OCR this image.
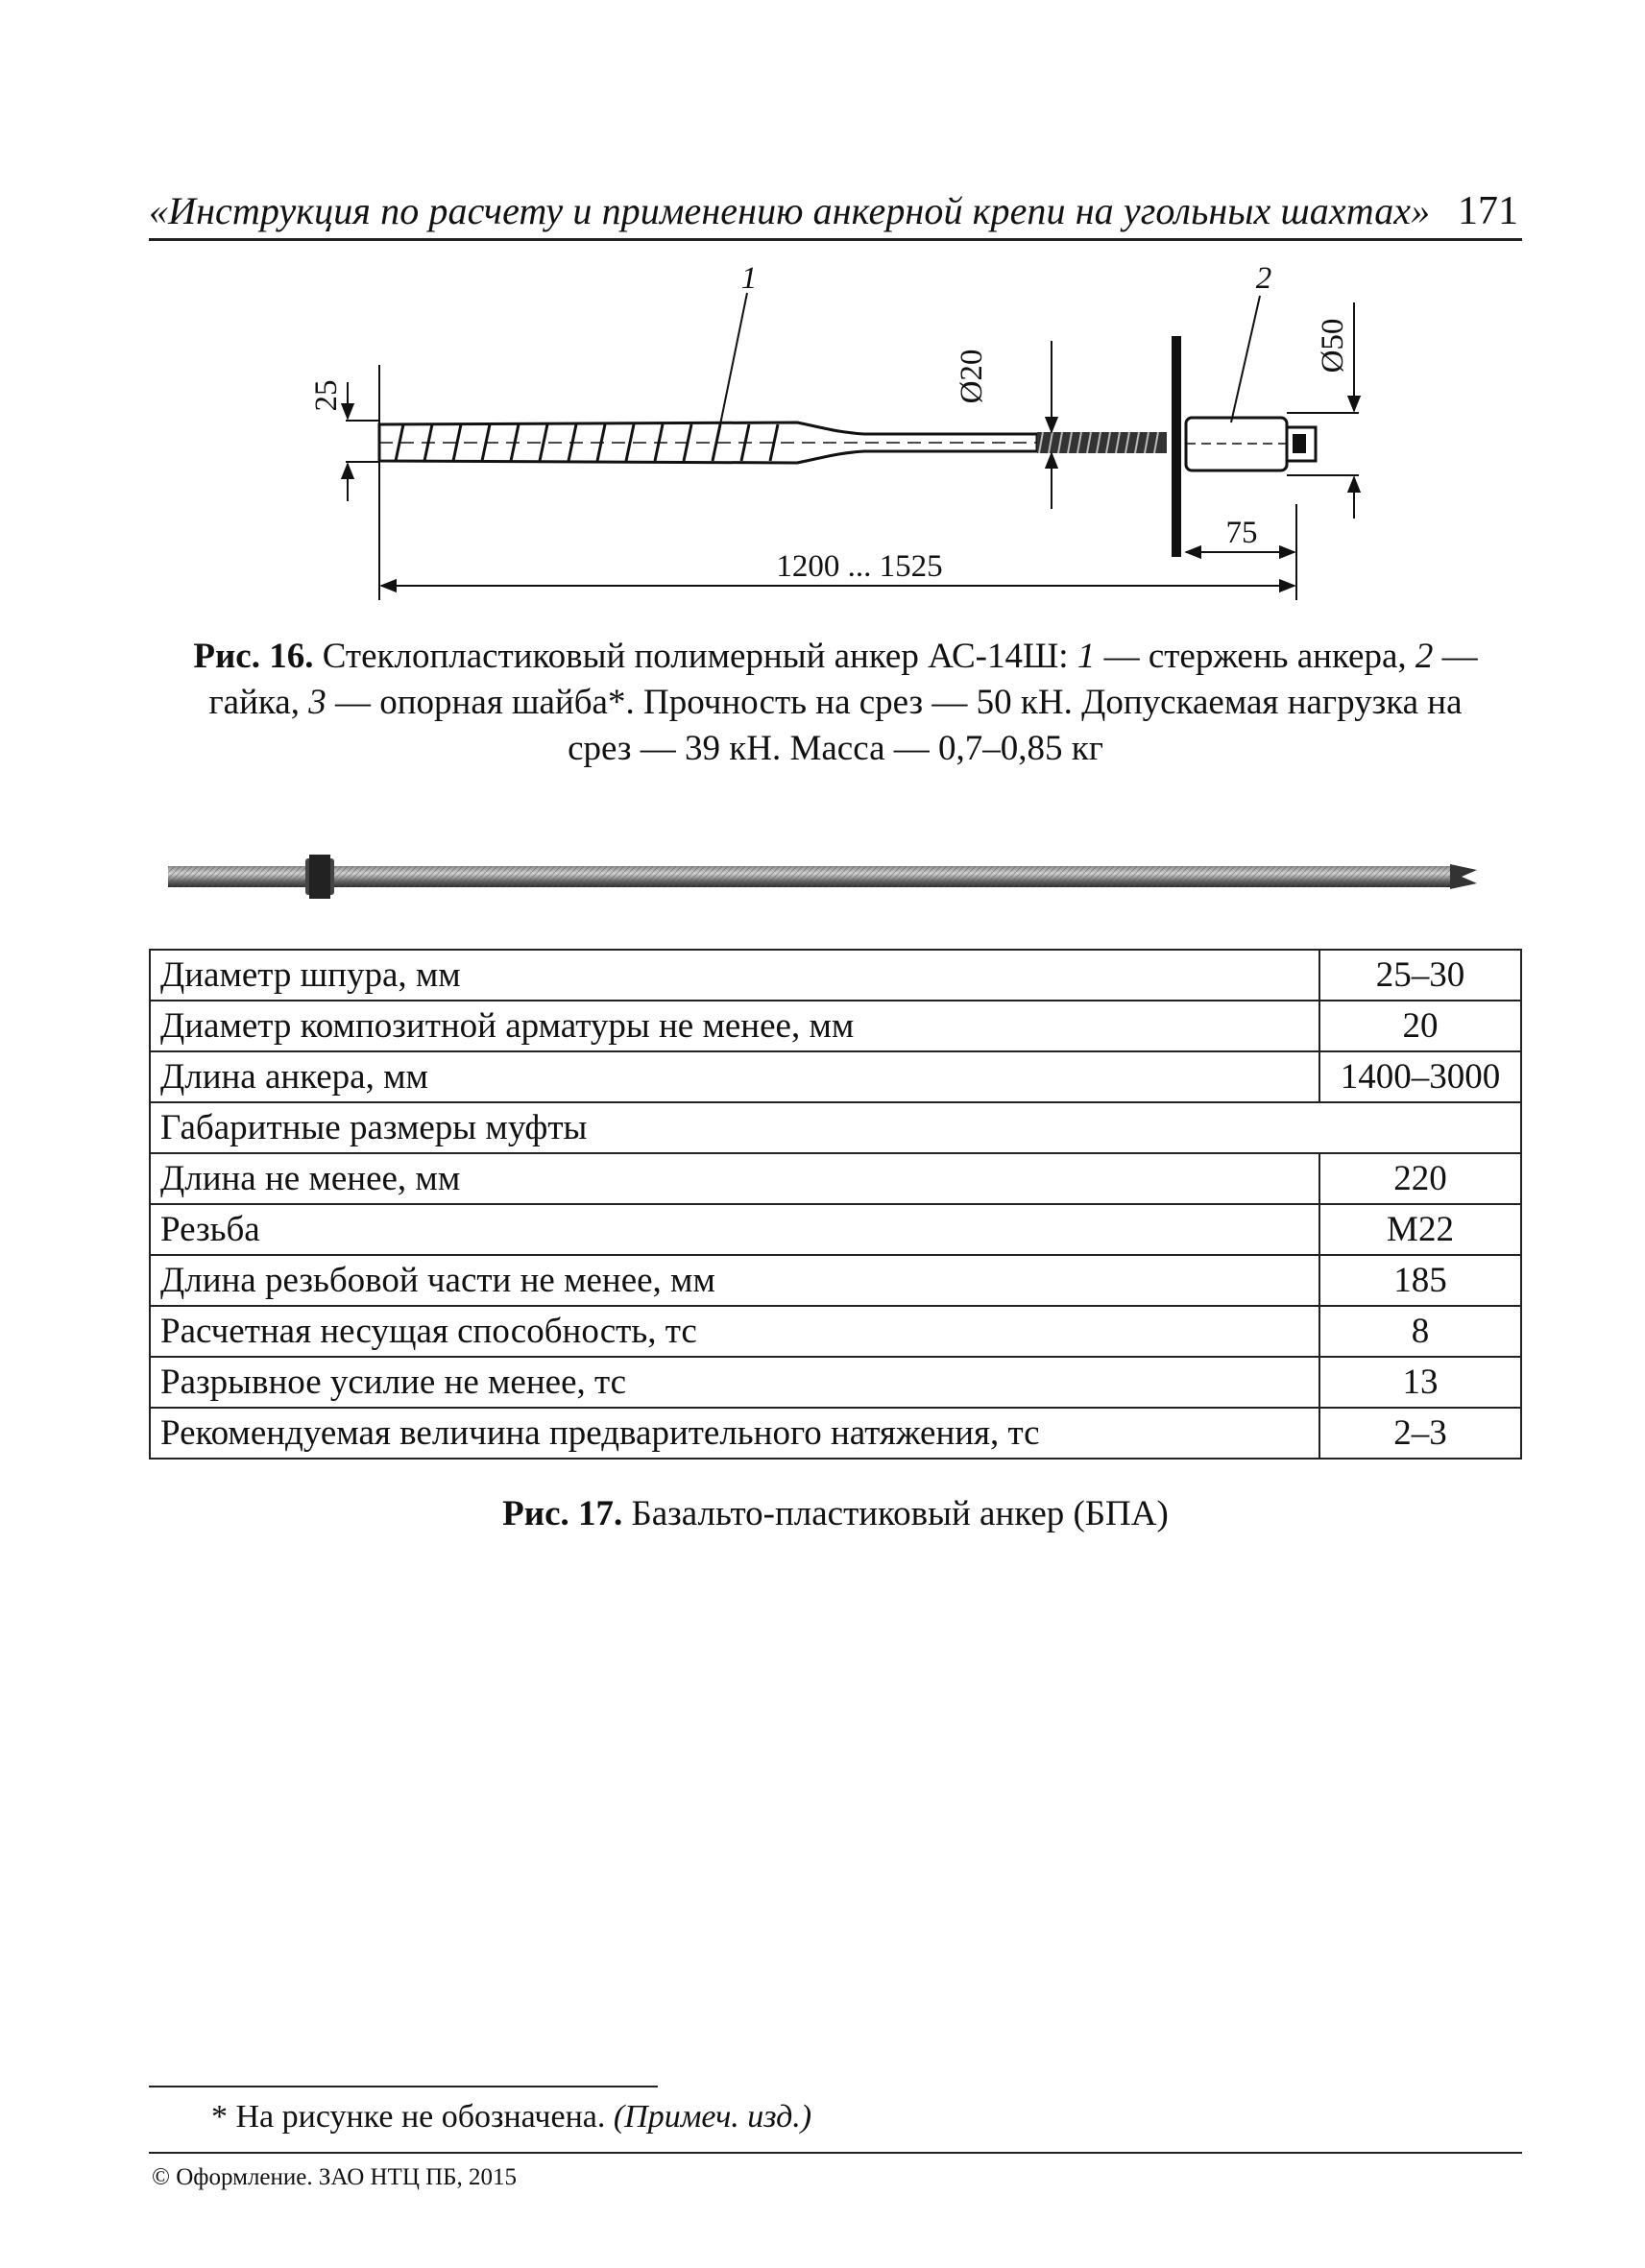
«Инструкция по расчету и применению анкерной крепи на угольных шахтах» 171
25	Ø20
Ø50
75
1200 ... 1525
1	2
Рис. 16. Стеклопластиковый полимерный анкер АС-14Ш: 1 — стержень анкера, 2 — гайка, 3 — опорная шайба*. Прочность на срез — 50 кН. Допускаемая нагрузка на срез — 39 кН. Масса — 0,7–0,85 кг
Диаметр шпура, мм	25–30
Диаметр композитной арматуры не менее, мм	20
Длина анкера, мм	1400–3000
Габаритные размеры муфты	
Длина не менее, мм	220
Резьба	М22
Длина резьбовой части не менее, мм	185
Расчетная несущая способность, тс	8
Разрывное усилие не менее, тс	13
Рекомендуемая величина предварительного натяжения, тс	2–3
Рис. 17. Базальто-пластиковый анкер (БПА)
* На рисунке не обозначена. (Примеч. изд.)
© Оформление. ЗАО НТЦ ПБ, 2015
